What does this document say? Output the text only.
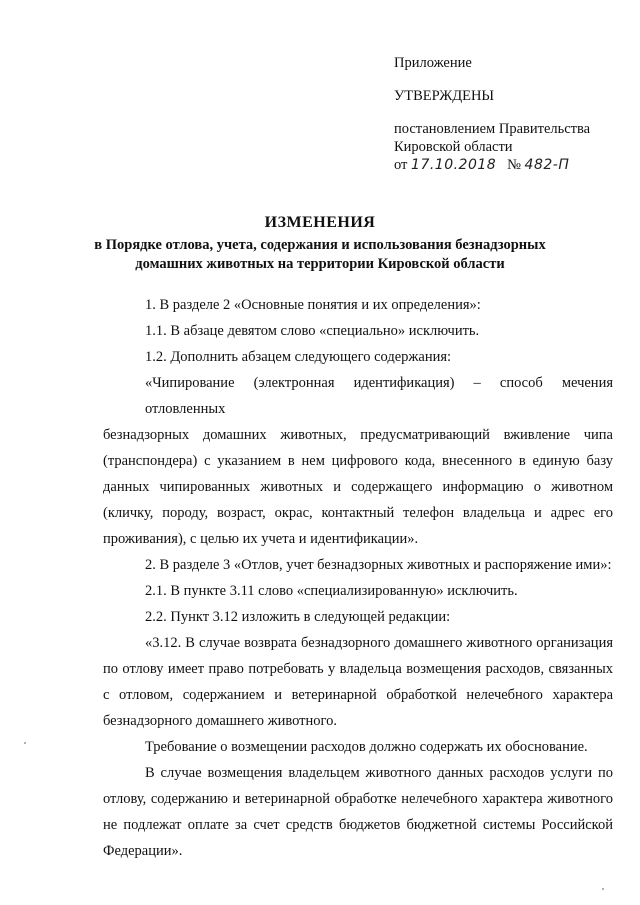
Приложение
УТВЕРЖДЕНЫ
постановлением Правительства
Кировской области
от 17.10.2018 № 482-П
ИЗМЕНЕНИЯ
в Порядке отлова, учета, содержания и использования безнадзорных
домашних животных на территории Кировской области
1. В разделе 2 «Основные понятия и их определения»:
1.1. В абзаце девятом слово «специально» исключить.
1.2. Дополнить абзацем следующего содержания:
«Чипирование (электронная идентификация) – способ мечения отловленных
безнадзорных домашних животных, предусматривающий вживление чипа
(транспондера) с указанием в нем цифрового кода, внесенного в единую базу
данных чипированных животных и содержащего информацию о животном
(кличку, породу, возраст, окрас, контактный телефон владельца и адрес его
проживания), с целью их учета и идентификации».
2. В разделе 3 «Отлов, учет безнадзорных животных и распоряжение ими»:
2.1. В пункте 3.11 слово «специализированную» исключить.
2.2. Пункт 3.12 изложить в следующей редакции:
«3.12. В случае возврата безнадзорного домашнего животного организация
по отлову имеет право потребовать у владельца возмещения расходов, связанных
с отловом, содержанием и ветеринарной обработкой нелечебного характера
безнадзорного домашнего животного.
Требование о возмещении расходов должно содержать их обоснование.
В случае возмещения владельцем животного данных расходов услуги по
отлову, содержанию и ветеринарной обработке нелечебного характера животного
не подлежат оплате за счет средств бюджетов бюджетной системы Российской
Федерации».
